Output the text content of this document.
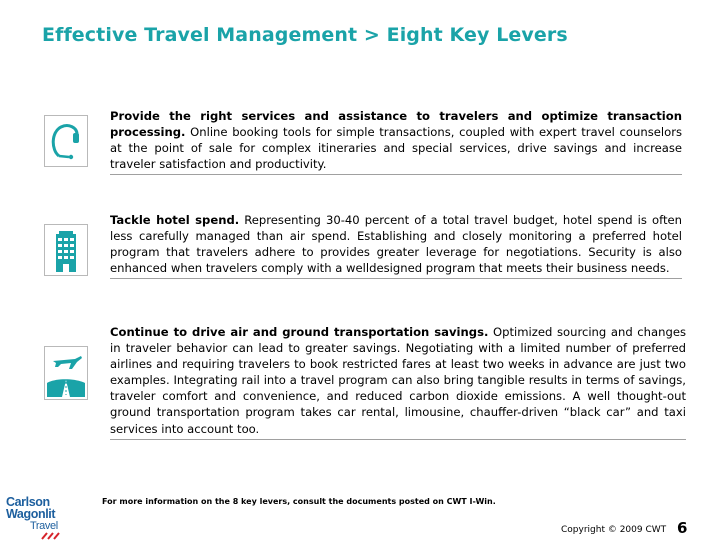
Effective Travel Management > Eight Key Levers
Provide the right services and assistance to travelers and optimize transaction processing. Online booking tools for simple transactions, coupled with expert travel counselors at the point of sale for complex itineraries and special services, drive savings and increase traveler satisfaction and productivity.
Tackle hotel spend. Representing 30-40 percent of a total travel budget, hotel spend is often less carefully managed than air spend. Establishing and closely monitoring a preferred hotel program that travelers adhere to provides greater leverage for negotiations. Security is also enhanced when travelers comply with a welldesigned program that meets their business needs.
Continue to drive air and ground transportation savings. Optimized sourcing and changes in traveler behavior can lead to greater savings. Negotiating with a limited number of preferred airlines and requiring travelers to book restricted fares at least two weeks in advance are just two examples. Integrating rail into a travel program can also bring tangible results in terms of savings, traveler comfort and convenience, and reduced carbon dioxide emissions. A well thought-out ground transportation program takes car rental, limousine, chauffer-driven “black car” and taxi services into account too.
For more information on the 8 key levers, consult the documents posted on CWT I-Win.
Carlson
Wagonlit
Travel	Copyright © 2009 CWT 6
